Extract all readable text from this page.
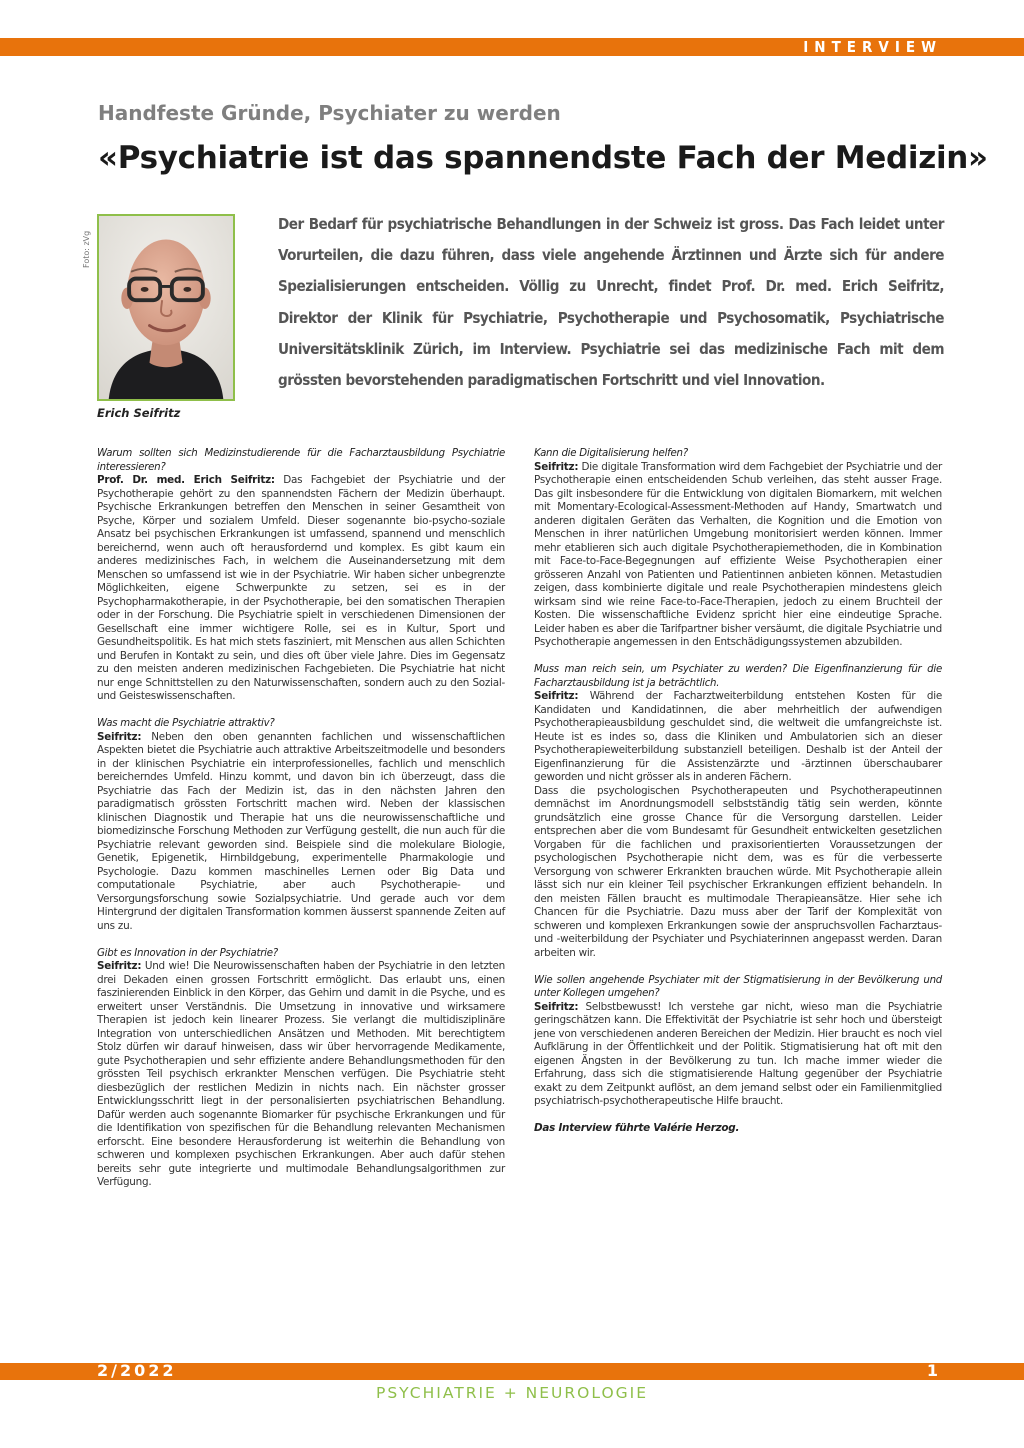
INTERVIEW
Handfeste Gründe, Psychiater zu werden
«Psychiatrie ist das spannendste Fach der Medizin»
Foto: zVg
Erich Seifritz

Der Bedarf für psychiatrische Behandlungen in der Schweiz ist gross. Das Fach leidet unter Vorurteilen, die dazu führen, dass viele angehende Ärztinnen und Ärzte sich für andere Spezialisierungen entscheiden. Völlig zu Unrecht, findet Prof. Dr. med. Erich Seifritz, Direktor der Klinik für Psychiatrie, Psychotherapie und Psychosomatik, Psychiatrische Universitätsklinik Zürich, im Interview. Psychiatrie sei das medizinische Fach mit dem grössten bevorstehenden paradigmatischen Fortschritt und viel Innovation.

Warum sollten sich Medizinstudierende für die Facharztausbildung Psychiatrie interessieren?
Prof. Dr. med. Erich Seifritz: Das Fachgebiet der Psychiatrie und der Psychotherapie gehört zu den spannendsten Fächern der Medizin überhaupt. Psychische Erkrankungen betreffen den Menschen in seiner Gesamtheit von Psyche, Körper und sozialem Umfeld. Dieser sogenannte bio-psycho-soziale Ansatz bei psychischen Erkrankungen ist umfassend, spannend und menschlich bereichernd, wenn auch oft herausfordernd und komplex. Es gibt kaum ein anderes medizinisches Fach, in welchem die Auseinandersetzung mit dem Menschen so umfassend ist wie in der Psychiatrie. Wir haben sicher unbegrenzte Möglichkeiten, eigene Schwerpunkte zu setzen, sei es in der Psychopharmakotherapie, in der Psychotherapie, bei den somatischen Therapien oder in der Forschung. Die Psychiatrie spielt in verschiedenen Dimensionen der Gesellschaft eine immer wichtigere Rolle, sei es in Kultur, Sport und Gesundheitspolitik. Es hat mich stets fasziniert, mit Menschen aus allen Schichten und Berufen in Kontakt zu sein, und dies oft über viele Jahre. Dies im Gegensatz zu den meisten anderen medizinischen Fachgebieten. Die Psychiatrie hat nicht nur enge Schnittstellen zu den Naturwissenschaften, sondern auch zu den Sozial- und Geisteswissenschaften.
Was macht die Psychiatrie attraktiv?
Seifritz: Neben den oben genannten fachlichen und wissenschaftlichen Aspekten bietet die Psychiatrie auch attraktive Arbeitszeitmodelle und besonders in der klinischen Psychiatrie ein interprofessionelles, fachlich und menschlich bereicherndes Umfeld. Hinzu kommt, und davon bin ich überzeugt, dass die Psychiatrie das Fach der Medizin ist, das in den nächsten Jahren den paradigmatisch grössten Fortschritt machen wird. Neben der klassischen klinischen Diagnostik und Therapie hat uns die neurowissenschaftliche und biomedizinsche Forschung Methoden zur Verfügung gestellt, die nun auch für die Psychiatrie relevant geworden sind. Beispiele sind die molekulare Biologie, Genetik, Epigenetik, Hirnbildgebung, experimentelle Pharmakologie und Psychologie. Dazu kommen maschinelles Lernen oder Big Data und computationale Psychiatrie, aber auch Psychotherapie- und Versorgungsforschung sowie Sozialpsychiatrie. Und gerade auch vor dem Hintergrund der digitalen Transformation kommen äusserst spannende Zeiten auf uns zu.
Gibt es Innovation in der Psychiatrie?
Seifritz: Und wie! Die Neurowissenschaften haben der Psychiatrie in den letzten drei Dekaden einen grossen Fortschritt ermöglicht. Das erlaubt uns, einen faszinierenden Einblick in den Körper, das Gehirn und damit in die Psyche, und es erweitert unser Verständnis. Die Umsetzung in innovative und wirksamere Therapien ist jedoch kein linearer Prozess. Sie verlangt die multidisziplinäre Integration von unterschiedlichen Ansätzen und Methoden. Mit berechtigtem Stolz dürfen wir darauf hinweisen, dass wir über hervorragende Medikamente, gute Psychotherapien und sehr effiziente andere Behandlungsmethoden für den grössten Teil psychisch erkrankter Menschen verfügen. Die Psychiatrie steht diesbezüglich der restlichen Medizin in nichts nach. Ein nächster grosser Entwicklungsschritt liegt in der personalisierten psychiatrischen Behandlung. Dafür werden auch sogenannte Biomarker für psychische Erkrankungen und für die Identifikation von spezifischen für die Behandlung relevanten Mechanismen erforscht. Eine besondere Herausforderung ist weiterhin die Behandlung von schweren und komplexen psychischen Erkrankungen. Aber auch dafür stehen bereits sehr gute integrierte und multimodale Behandlungsalgorithmen zur Verfügung.
Kann die Digitalisierung helfen?
Seifritz: Die digitale Transformation wird dem Fachgebiet der Psychiatrie und der Psychotherapie einen entscheidenden Schub verleihen, das steht ausser Frage. Das gilt insbesondere für die Entwicklung von digitalen Biomarkern, mit welchen mit Momentary-Ecological-Assessment-Methoden auf Handy, Smartwatch und anderen digitalen Geräten das Verhalten, die Kognition und die Emotion von Menschen in ihrer natürlichen Umgebung monitorisiert werden können. Immer mehr etablieren sich auch digitale Psychotherapiemethoden, die in Kombination mit Face-to-Face-Begegnungen auf effiziente Weise Psychotherapien einer grösseren Anzahl von Patienten und Patientinnen anbieten können. Metastudien zeigen, dass kombinierte digitale und reale Psychotherapien mindestens gleich wirksam sind wie reine Face-to-Face-Therapien, jedoch zu einem Bruchteil der Kosten. Die wissenschaftliche Evidenz spricht hier eine eindeutige Sprache. Leider haben es aber die Tarifpartner bisher versäumt, die digitale Psychiatrie und Psychotherapie angemessen in den Entschädigungssystemen abzubilden.
Muss man reich sein, um Psychiater zu werden? Die Eigenfinanzierung für die Facharztausbildung ist ja beträchtlich.
Seifritz: Während der Facharztweiterbildung entstehen Kosten für die Kandidaten und Kandidatinnen, die aber mehrheitlich der aufwendigen Psychotherapieausbildung geschuldet sind, die weltweit die umfangreichste ist. Heute ist es indes so, dass die Kliniken und Ambulatorien sich an dieser Psychotherapieweiterbildung substanziell beteiligen. Deshalb ist der Anteil der Eigenfinanzierung für die Assistenzärzte und -ärztinnen überschaubarer geworden und nicht grösser als in anderen Fächern.
Dass die psychologischen Psychotherapeuten und Psychotherapeutinnen demnächst im Anordnungsmodell selbstständig tätig sein werden, könnte grundsätzlich eine grosse Chance für die Versorgung darstellen. Leider entsprechen aber die vom Bundesamt für Gesundheit entwickelten gesetzlichen Vorgaben für die fachlichen und praxisorientierten Voraussetzungen der psychologischen Psychotherapie nicht dem, was es für die verbesserte Versorgung von schwerer Erkrankten brauchen würde. Mit Psychotherapie allein lässt sich nur ein kleiner Teil psychischer Erkrankungen effizient behandeln. In den meisten Fällen braucht es multimodale Therapieansätze. Hier sehe ich Chancen für die Psychiatrie. Dazu muss aber der Tarif der Komplexität von schweren und komplexen Erkrankungen sowie der anspruchsvollen Facharztaus- und -weiterbildung der Psychiater und Psychiaterinnen angepasst werden. Daran arbeiten wir.
Wie sollen angehende Psychiater mit der Stigmatisierung in der Bevölkerung und unter Kollegen umgehen?
Seifritz: Selbstbewusst! Ich verstehe gar nicht, wieso man die Psychiatrie geringschätzen kann. Die Effektivität der Psychiatrie ist sehr hoch und übersteigt jene von verschiedenen anderen Bereichen der Medizin. Hier braucht es noch viel Aufklärung in der Öffentlichkeit und der Politik. Stigmatisierung hat oft mit den eigenen Ängsten in der Bevölkerung zu tun. Ich mache immer wieder die Erfahrung, dass sich die stigmatisierende Haltung gegenüber der Psychiatrie exakt zu dem Zeitpunkt auflöst, an dem jemand selbst oder ein Familienmitglied psychiatrisch-psychotherapeutische Hilfe braucht.
Das Interview führte Valérie Herzog.
2/2022	1
PSYCHIATRIE + NEUROLOGIE
